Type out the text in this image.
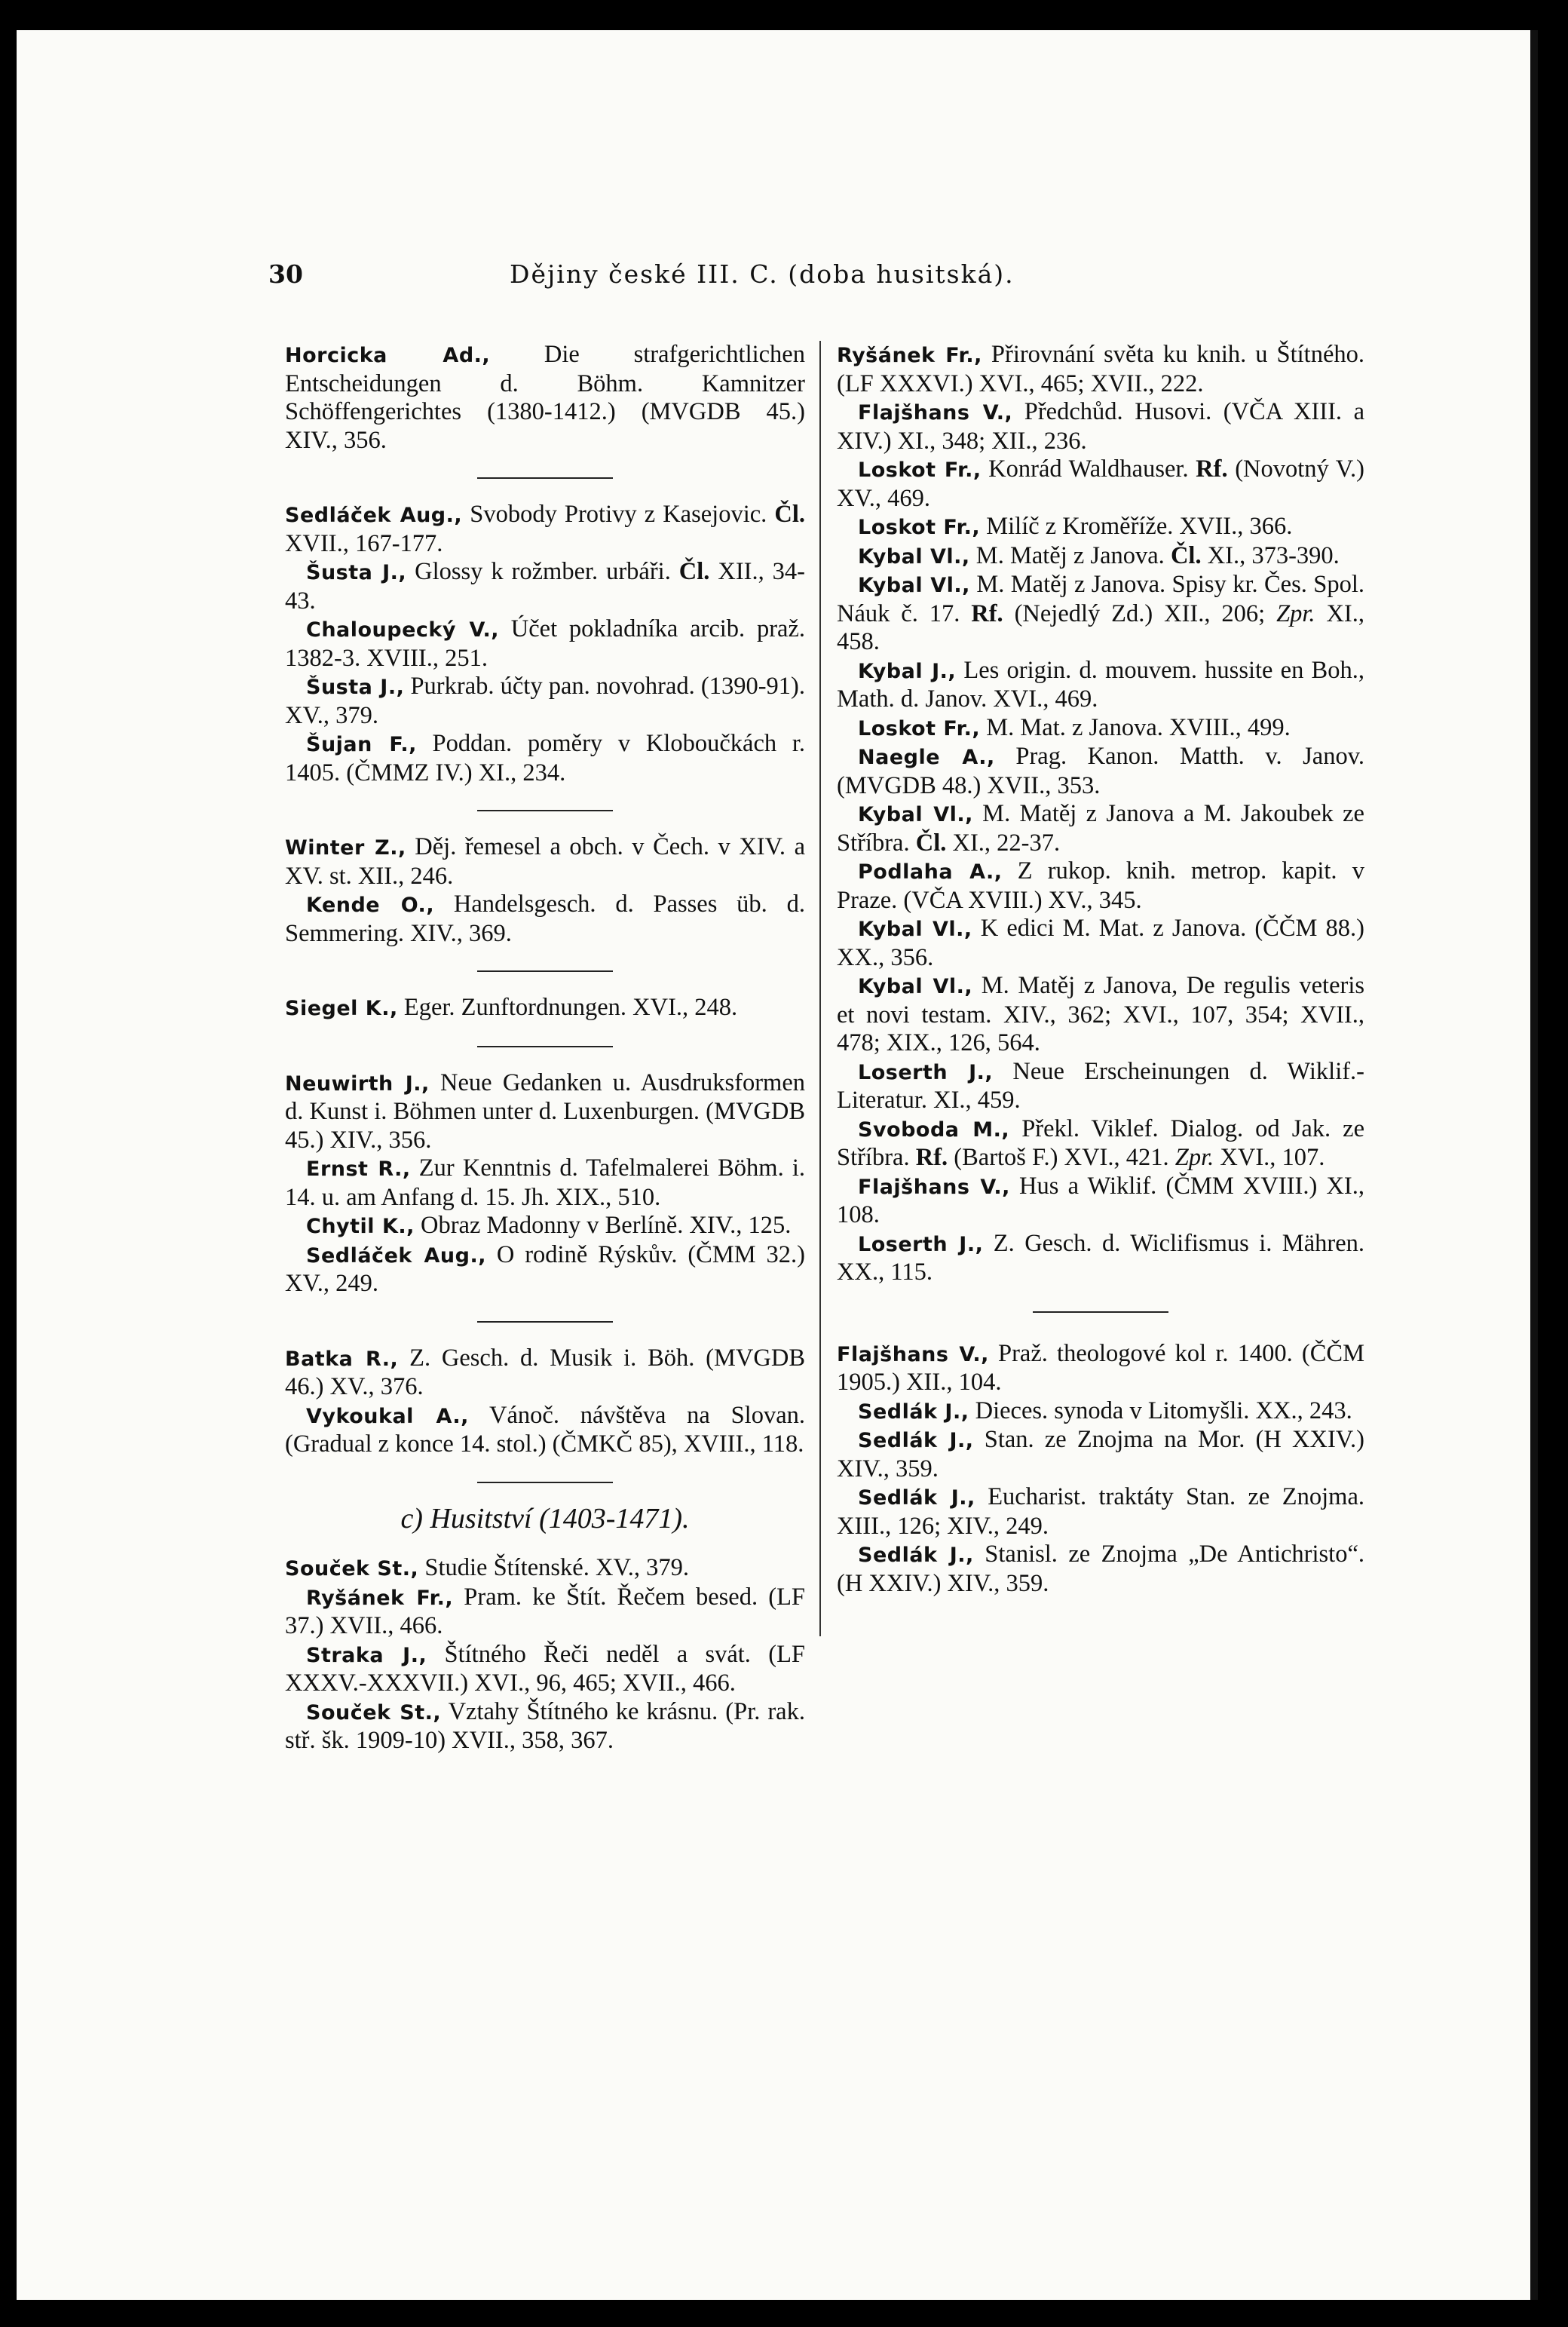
30	Dějiny české III. C. (doba husitská).
Horcicka Ad., Die strafgerichtlichen Entscheidungen d. Böhm. Kamnitzer Schöffengerichtes (1380-1412.) (MVGDB 45.) XIV., 356.
Sedláček Aug., Svobody Protivy z Kasejovic. Čl. XVII., 167-177.
Šusta J., Glossy k rožmber. urbáři. Čl. XII., 34-43.
Chaloupecký V., Účet pokladníka arcib. praž. 1382-3. XVIII., 251.
Šusta J., Purkrab. účty pan. novohrad. (1390-91). XV., 379.
Šujan F., Poddan. poměry v Kloboučkách r. 1405. (ČMMZ IV.) XI., 234.
Winter Z., Děj. řemesel a obch. v Čech. v XIV. a XV. st. XII., 246.
Kende O., Handelsgesch. d. Passes üb. d. Semmering. XIV., 369.
Siegel K., Eger. Zunftordnungen. XVI., 248.
Neuwirth J., Neue Gedanken u. Ausdruksformen d. Kunst i. Böhmen unter d. Luxenburgen. (MVGDB 45.) XIV., 356.
Ernst R., Zur Kenntnis d. Tafelmalerei Böhm. i. 14. u. am Anfang d. 15. Jh. XIX., 510.
Chytil K., Obraz Madonny v Berlíně. XIV., 125.
Sedláček Aug., O rodině Rýskův. (ČMM 32.) XV., 249.
Batka R., Z. Gesch. d. Musik i. Böh. (MVGDB 46.) XV., 376.
Vykoukal A., Vánoč. návštěva na Slovan. (Gradual z konce 14. stol.) (ČMKČ 85), XVIII., 118.
c) Husitství (1403-1471).
Souček St., Studie Štítenské. XV., 379.
Ryšánek Fr., Pram. ke Štít. Řečem besed. (LF 37.) XVII., 466.
Straka J., Štítného Řeči neděl a svát. (LF XXXV.-XXXVII.) XVI., 96, 465; XVII., 466.
Souček St., Vztahy Štítného ke krásnu. (Pr. rak. stř. šk. 1909-10) XVII., 358, 367.
Ryšánek Fr., Přirovnání světa ku knih. u Štítného. (LF XXXVI.) XVI., 465; XVII., 222.
Flajšhans V., Předchůd. Husovi. (VČA XIII. a XIV.) XI., 348; XII., 236.
Loskot Fr., Konrád Waldhauser. Rf. (Novotný V.) XV., 469.
Loskot Fr., Milíč z Kroměříže. XVII., 366.
Kybal Vl., M. Matěj z Janova. Čl. XI., 373-390.
Kybal Vl., M. Matěj z Janova. Spisy kr. Čes. Spol. Náuk č. 17. Rf. (Nejedlý Zd.) XII., 206; Zpr. XI., 458.
Kybal J., Les origin. d. mouvem. hussite en Boh., Math. d. Janov. XVI., 469.
Loskot Fr., M. Mat. z Janova. XVIII., 499.
Naegle A., Prag. Kanon. Matth. v. Janov. (MVGDB 48.) XVII., 353.
Kybal Vl., M. Matěj z Janova a M. Jakoubek ze Stříbra. Čl. XI., 22-37.
Podlaha A., Z rukop. knih. metrop. kapit. v Praze. (VČA XVIII.) XV., 345.
Kybal Vl., K edici M. Mat. z Janova. (ČČM 88.) XX., 356.
Kybal Vl., M. Matěj z Janova, De regulis veteris et novi testam. XIV., 362; XVI., 107, 354; XVII., 478; XIX., 126, 564.
Loserth J., Neue Erscheinungen d. Wiklif.-Literatur. XI., 459.
Svoboda M., Překl. Viklef. Dialog. od Jak. ze Stříbra. Rf. (Bartoš F.) XVI., 421. Zpr. XVI., 107.
Flajšhans V., Hus a Wiklif. (ČMM XVIII.) XI., 108.
Loserth J., Z. Gesch. d. Wiclifismus i. Mähren. XX., 115.
Flajšhans V., Praž. theologové kol r. 1400. (ČČM 1905.) XII., 104.
Sedlák J., Dieces. synoda v Litomyšli. XX., 243.
Sedlák J., Stan. ze Znojma na Mor. (H XXIV.) XIV., 359.
Sedlák J., Eucharist. traktáty Stan. ze Znojma. XIII., 126; XIV., 249.
Sedlák J., Stanisl. ze Znojma „De Antichristo“. (H XXIV.) XIV., 359.
